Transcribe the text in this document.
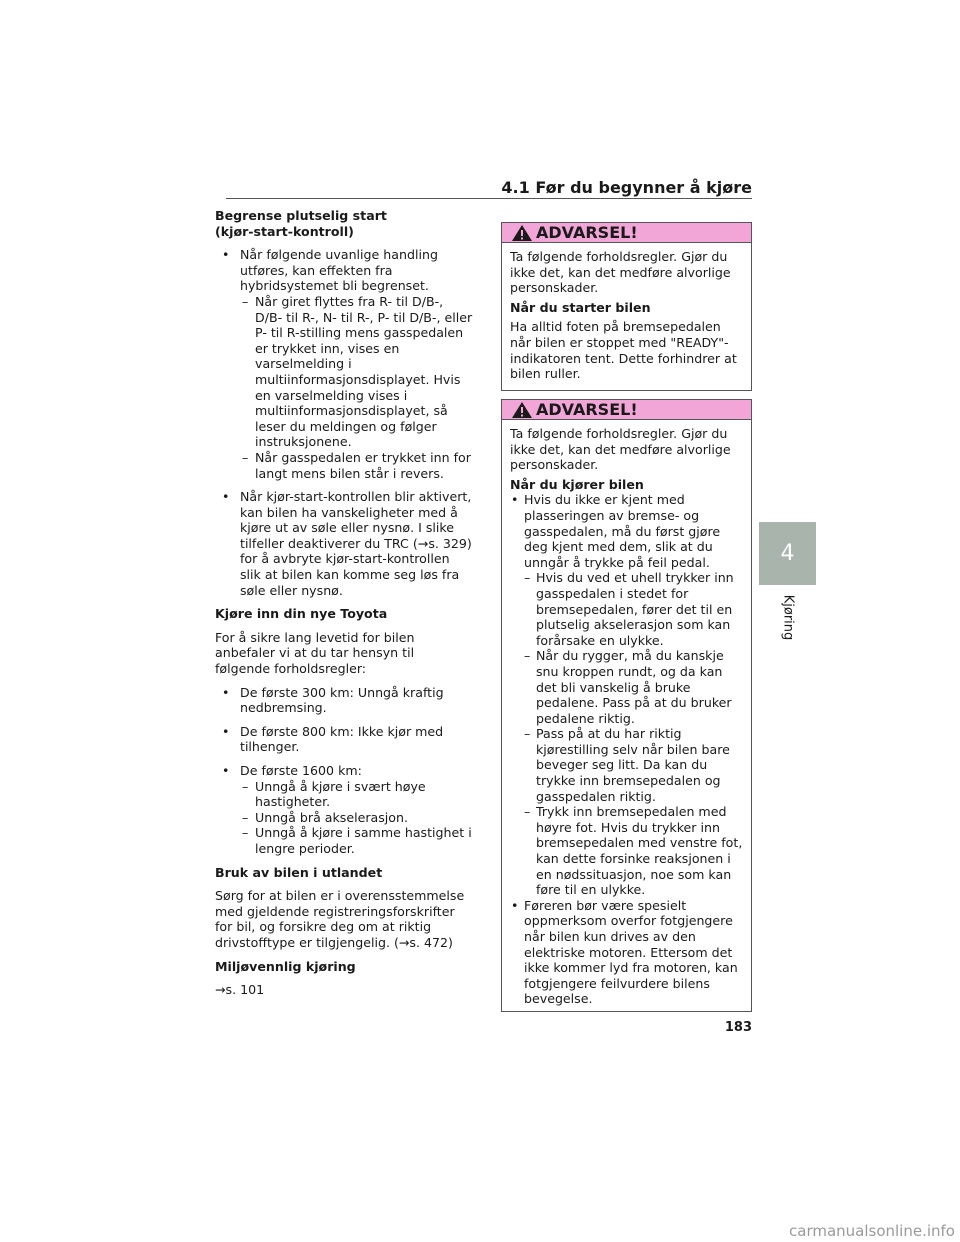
4.1 Før du begynner å kjøre
4
Kjøring
Begrense plutselig start
(kjør-start-kontroll)
• Når følgende uvanlige handling utføres, kan effekten fra hybridsystemet bli begrenset.
– Når giret flyttes fra R- til D/B-, D/B- til R-, N- til R-, P- til D/B-, eller P- til R-stilling mens gasspedalen er trykket inn, vises en varselmelding i multiinformasjonsdisplayet. Hvis en varselmelding vises i multiinformasjonsdisplayet, så leser du meldingen og følger instruksjonene.
– Når gasspedalen er trykket inn for langt mens bilen står i revers.
• Når kjør-start-kontrollen blir aktivert, kan bilen ha vanskeligheter med å kjøre ut av søle eller nysnø. I slike tilfeller deaktiverer du TRC (→s. 329) for å avbryte kjør-start-kontrollen slik at bilen kan komme seg løs fra søle eller nysnø.
Kjøre inn din nye Toyota

For å sikre lang levetid for bilen anbefaler vi at du tar hensyn til følgende forholdsregler:

• De første 300 km: Unngå kraftig nedbremsing.
• De første 800 km: Ikke kjør med tilhenger.
• De første 1600 km:
– Unngå å kjøre i svært høye hastigheter.
– Unngå brå akselerasjon.
– Unngå å kjøre i samme hastighet i lengre perioder.
Bruk av bilen i utlandet

Sørg for at bilen er i overensstemmelse med gjeldende registreringsforskrifter for bil, og forsikre deg om at riktig drivstofftype er tilgjengelig. (→s. 472)

Miljøvennlig kjøring

→s. 101

ADVARSEL!

Ta følgende forholdsregler. Gjør du ikke det, kan det medføre alvorlige personskader.

Når du starter bilen

Ha alltid foten på bremsepedalen når bilen er stoppet med "READY"-indikatoren tent. Dette forhindrer at bilen ruller.

ADVARSEL!

Ta følgende forholdsregler. Gjør du ikke det, kan det medføre alvorlige personskader.

Når du kjører bilen

• Hvis du ikke er kjent med plasseringen av bremse- og gasspedalen, må du først gjøre deg kjent med dem, slik at du unngår å trykke på feil pedal.
– Hvis du ved et uhell trykker inn gasspedalen i stedet for bremsepedalen, fører det til en plutselig akselerasjon som kan forårsake en ulykke.
– Når du rygger, må du kanskje snu kroppen rundt, og da kan det bli vanskelig å bruke pedalene. Pass på at du bruker pedalene riktig.
– Pass på at du har riktig kjørestilling selv når bilen bare beveger seg litt. Da kan du trykke inn bremsepedalen og gasspedalen riktig.
– Trykk inn bremsepedalen med høyre fot. Hvis du trykker inn bremsepedalen med venstre fot, kan dette forsinke reaksjonen i en nødssituasjon, noe som kan føre til en ulykke.
• Føreren bør være spesielt oppmerksom overfor fotgjengere når bilen kun drives av den elektriske motoren. Ettersom det ikke kommer lyd fra motoren, kan fotgjengere feilvurdere bilens bevegelse.
183
carmanualsonline.info
